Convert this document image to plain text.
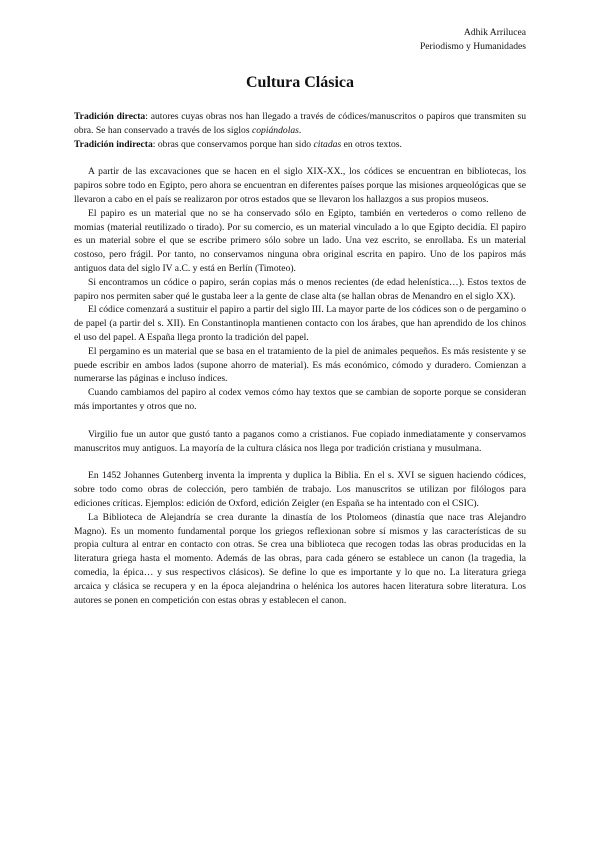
Adhik Arrilucea
Periodismo y Humanidades
Cultura Clásica

Tradición directa: autores cuyas obras nos han llegado a través de códices/manuscritos o papiros que transmiten su obra. Se han conservado a través de los siglos copiándolas.

Tradición indirecta: obras que conservamos porque han sido citadas en otros textos.

A partir de las excavaciones que se hacen en el siglo XIX-XX., los códices se encuentran en bibliotecas, los papiros sobre todo en Egipto, pero ahora se encuentran en diferentes países porque las misiones arqueológicas que se llevaron a cabo en el país se realizaron por otros estados que se llevaron los hallazgos a sus propios museos.

El papiro es un material que no se ha conservado sólo en Egipto, también en vertederos o como relleno de momias (material reutilizado o tirado). Por su comercio, es un material vinculado a lo que Egipto decidía. El papiro es un material sobre el que se escribe primero sólo sobre un lado. Una vez escrito, se enrollaba. Es un material costoso, pero frágil. Por tanto, no conservamos ninguna obra original escrita en papiro. Uno de los papiros más antiguos data del siglo IV a.C. y está en Berlín (Timoteo).

Si encontramos un códice o papiro, serán copias más o menos recientes (de edad helenística…). Estos textos de papiro nos permiten saber qué le gustaba leer a la gente de clase alta (se hallan obras de Menandro en el siglo XX).

El códice comenzará a sustituir el papiro a partir del siglo III. La mayor parte de los códices son o de pergamino o de papel (a partir del s. XII). En Constantinopla mantienen contacto con los árabes, que han aprendido de los chinos el uso del papel. A España llega pronto la tradición del papel.

El pergamino es un material que se basa en el tratamiento de la piel de animales pequeños. Es más resistente y se puede escribir en ambos lados (supone ahorro de material). Es más económico, cómodo y duradero. Comienzan a numerarse las páginas e incluso índices.

Cuando cambiamos del papiro al codex vemos cómo hay textos que se cambian de soporte porque se consideran más importantes y otros que no.

Virgilio fue un autor que gustó tanto a paganos como a cristianos. Fue copiado inmediatamente y conservamos manuscritos muy antiguos. La mayoría de la cultura clásica nos llega por tradición cristiana y musulmana.

En 1452 Johannes Gutenberg inventa la imprenta y duplica la Biblia. En el s. XVI se siguen haciendo códices, sobre todo como obras de colección, pero también de trabajo. Los manuscritos se utilizan por filólogos para ediciones críticas. Ejemplos: edición de Oxford, edición Zeigler (en España se ha intentado con el CSIC).

La Biblioteca de Alejandría se crea durante la dinastía de los Ptolomeos (dinastía que nace tras Alejandro Magno). Es un momento fundamental porque los griegos reflexionan sobre sí mismos y las características de su propia cultura al entrar en contacto con otras. Se crea una biblioteca que recogen todas las obras producidas en la literatura griega hasta el momento. Además de las obras, para cada género se establece un canon (la tragedia, la comedia, la épica… y sus respectivos clásicos). Se define lo que es importante y lo que no. La literatura griega arcaica y clásica se recupera y en la época alejandrina o helénica los autores hacen literatura sobre literatura. Los autores se ponen en competición con estas obras y establecen el canon.
